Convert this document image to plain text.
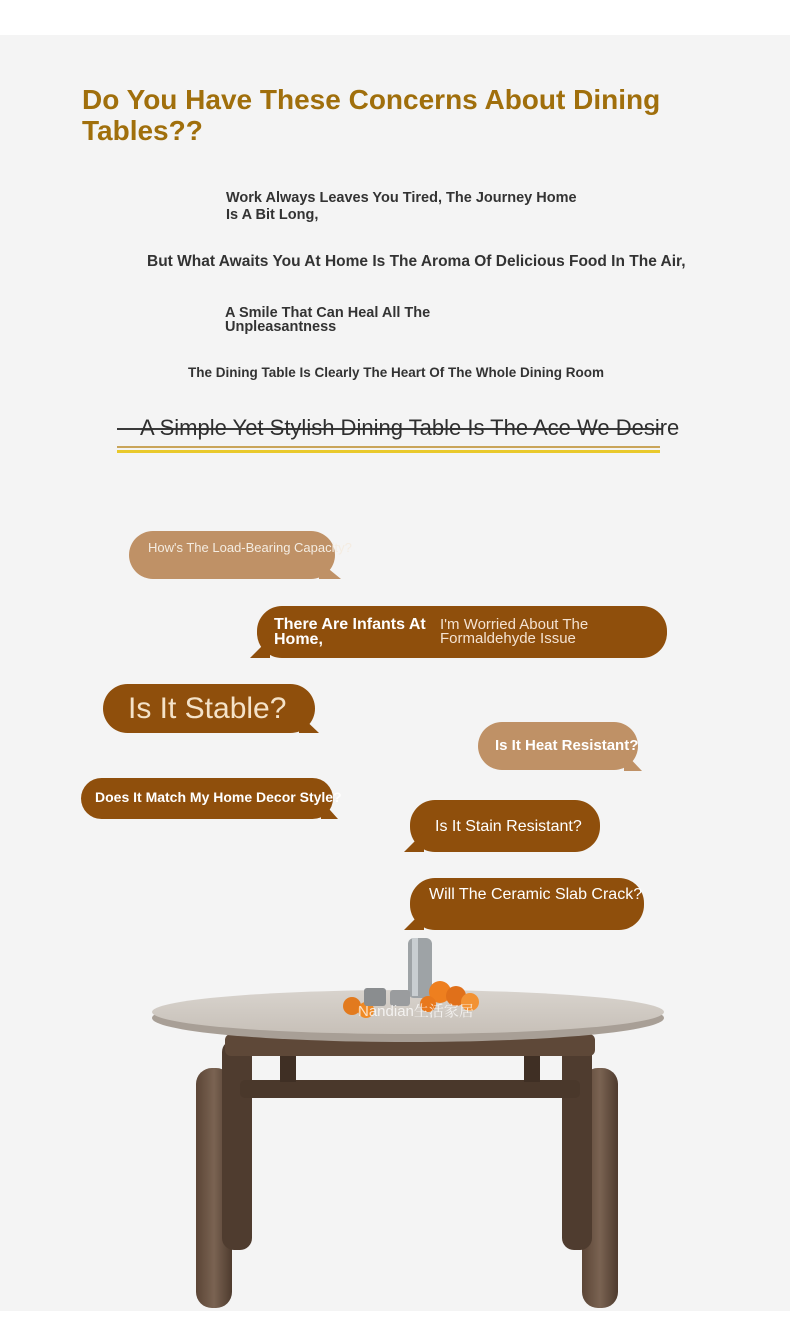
Do You Have These Concerns About Dining Tables??

Work Always Leaves You Tired, The Journey Home Is A Bit Long,

But What Awaits You At Home Is The Aroma Of Delicious Food In The Air,

A Smile That Can Heal All The Unpleasantness

The Dining Table Is Clearly The Heart Of The Whole Dining Room

A Simple Yet Stylish Dining Table Is The Ace We Desire

How's The Load-Bearing Capacity?
There Are Infants At Home,
I'm Worried About The Formaldehyde Issue
Is It Stable?
Is It Heat Resistant?
Does It Match My Home Decor Style?
Is It Stain Resistant?
Will The Ceramic Slab Crack?
Nandian生活家居
